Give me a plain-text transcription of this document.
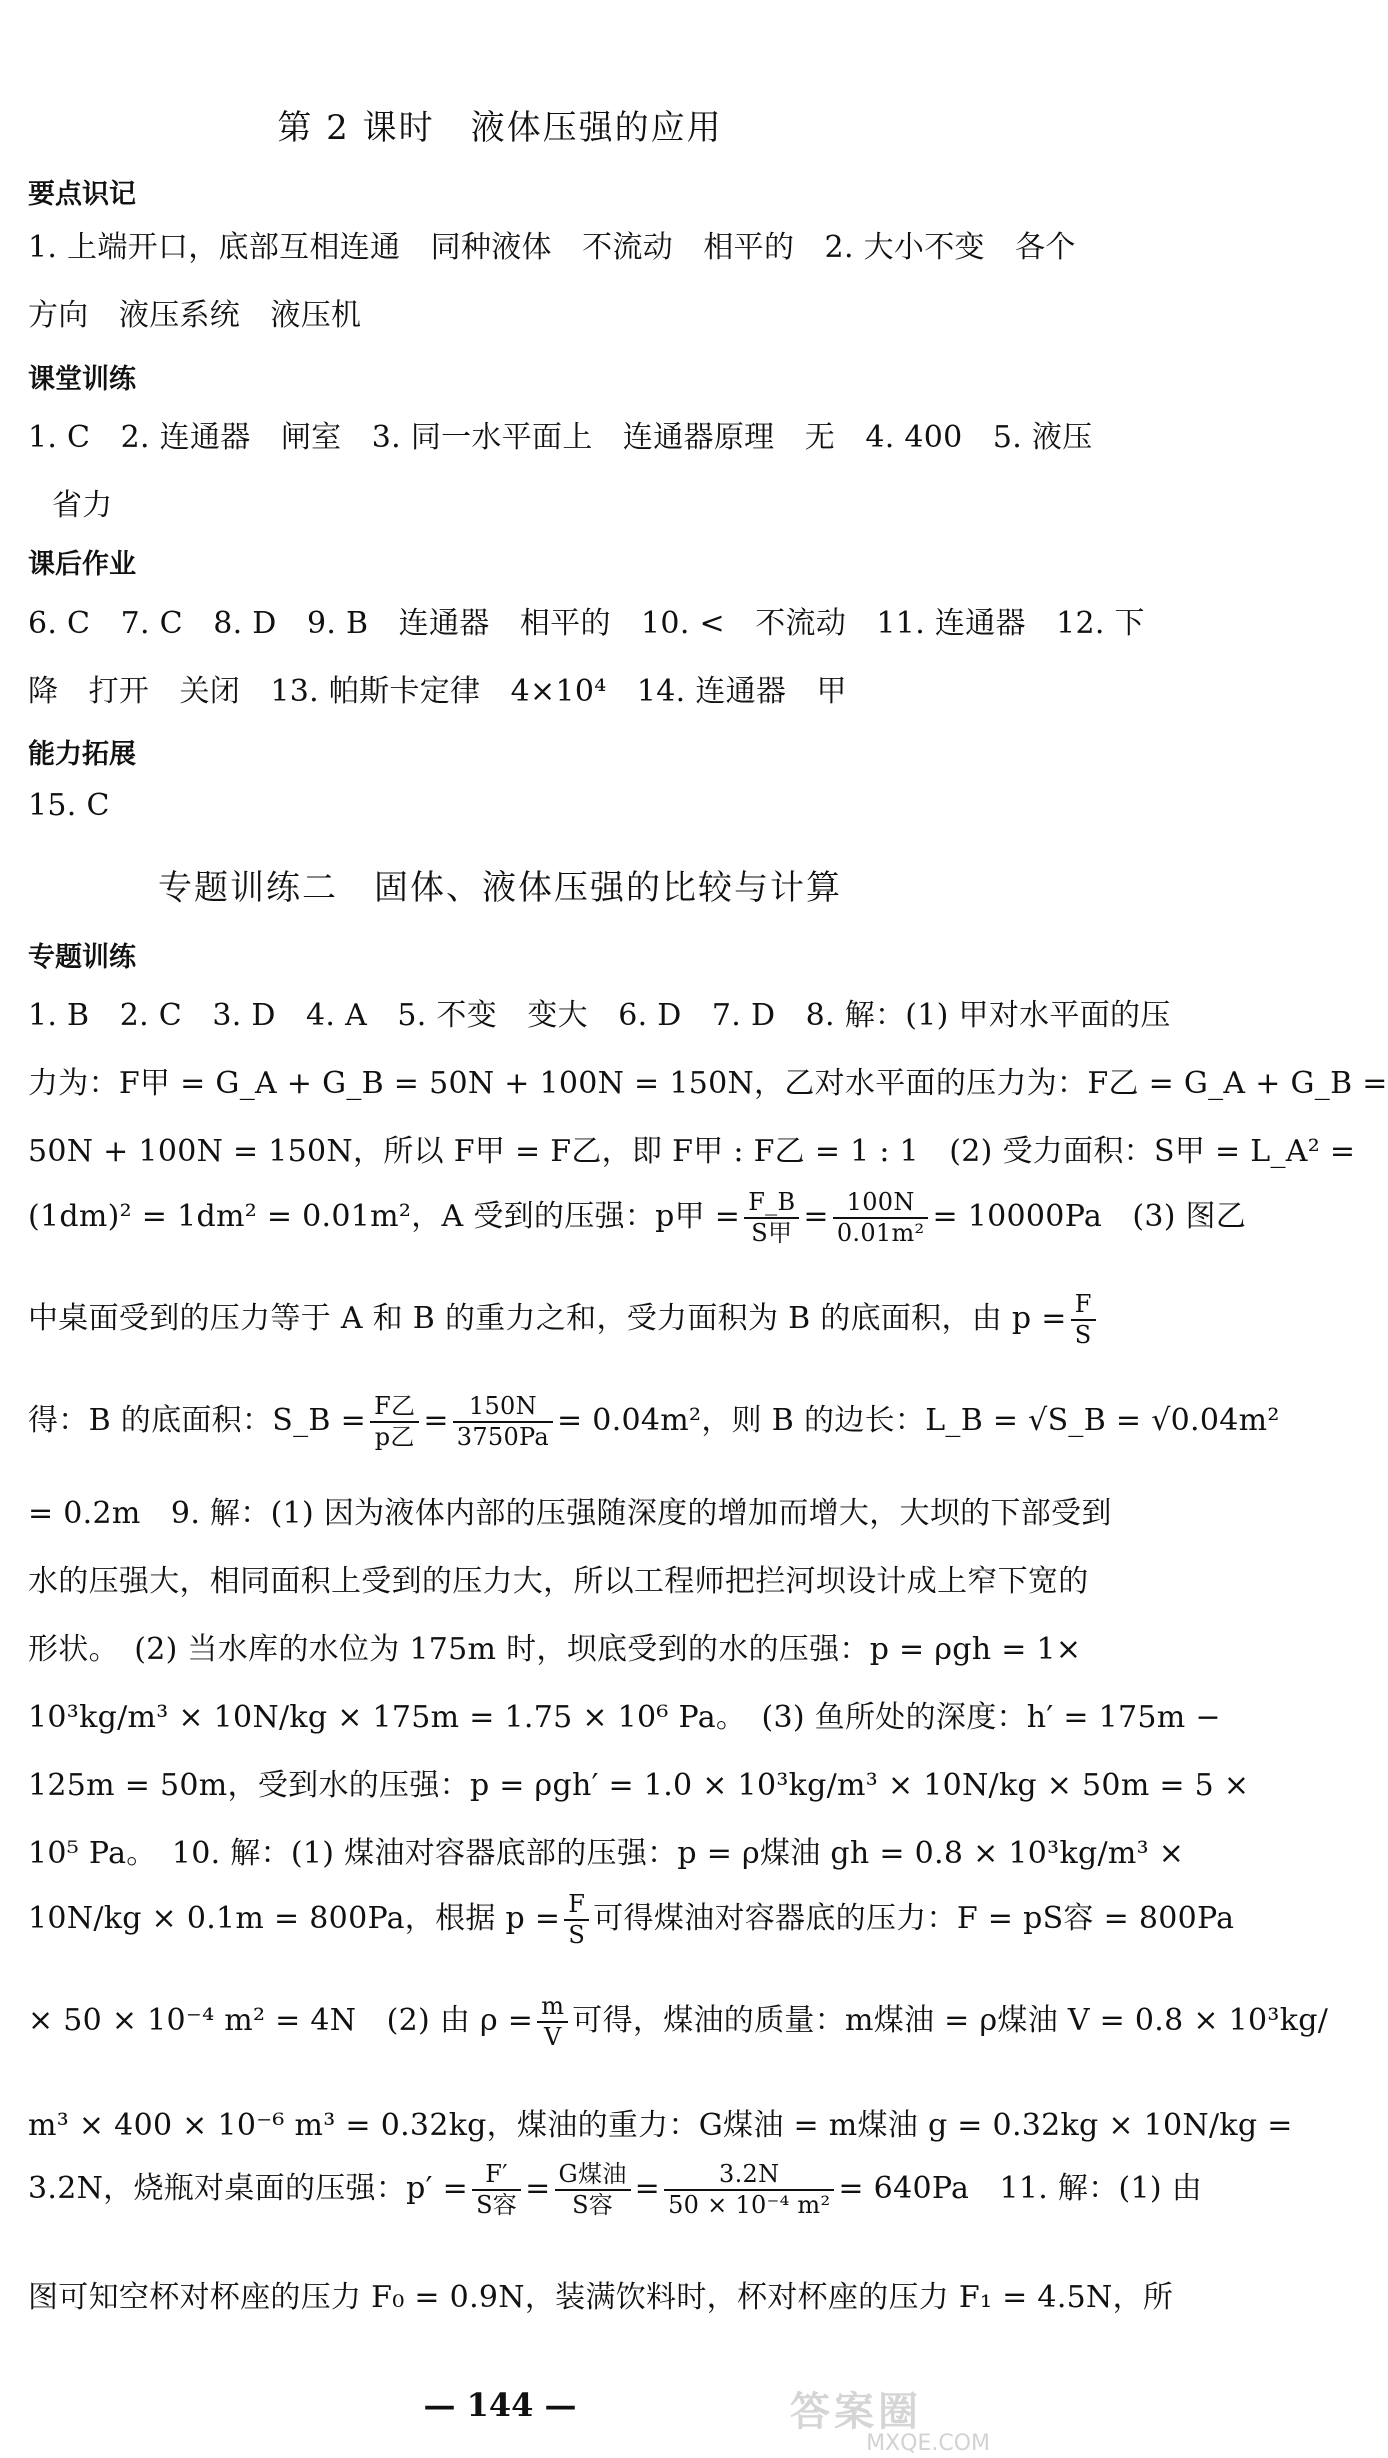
第 2 课时　液体压强的应用
要点识记
1. 上端开口，底部互相连通　同种液体　不流动　相平的　2. 大小不变　各个
方向　液压系统　液压机
课堂训练
1. C　2. 连通器　闸室　3. 同一水平面上　连通器原理　无　4. 400　5. 液压
省力
课后作业
6. C　7. C　8. D　9. B　连通器　相平的　10. <　不流动　11. 连通器　12. 下
降　打开　关闭　13. 帕斯卡定律　4×10⁴　14. 连通器　甲
能力拓展
15. C
专题训练二　固体、液体压强的比较与计算
专题训练
1. B　2. C　3. D　4. A　5. 不变　变大　6. D　7. D　8. 解：(1) 甲对水平面的压
力为：F甲 = G_A + G_B = 50N + 100N = 150N，乙对水平面的压力为：F乙 = G_A + G_B =
50N + 100N = 150N，所以 F甲 = F乙，即 F甲 : F乙 = 1 : 1　(2) 受力面积：S甲 = L_A² =
(1dm)² = 1dm² = 0.01m²，A 受到的压强：p甲 = $\frac{F\_B}{\text{S甲}} = \frac{100N}{\text{0.01m²}} = 10000Pa$　(3) 图乙
中桌面受到的压力等于 A 和 B 的重力之和，受力面积为 B 的底面积，由 $p = \frac{F}{S}$
得：B 的底面积：S_B = $\frac{\text{F乙}}{\text{p乙}} = \frac{150N}{3750Pa} = 0.04m^2$，则 B 的边长：L_B = √S_B = √0.04m²
= 0.2m　9. 解：(1) 因为液体内部的压强随深度的增加而增大，大坝的下部受到
水的压强大，相同面积上受到的压力大，所以工程师把拦河坝设计成上窄下宽的
形状。　(2) 当水库的水位为 175m 时，坝底受到的水的压强：p = ρgh = 1×
10³kg/m³ × 10N/kg × 175m = 1.75 × 10⁶ Pa。　(3) 鱼所处的深度：h′ = 175m −
125m = 50m，受到水的压强：p = ρgh′ = 1.0 × 10³kg/m³ × 10N/kg × 50m = 5 ×
10⁵ Pa。　10. 解：(1) 煤油对容器底部的压强：p = ρ煤油 gh = 0.8 × 10³kg/m³ ×
10N/kg × 0.1m = 800Pa，根据 $p = \frac{F}{S}$ 可得煤油对容器底的压力：F = pS容 = 800Pa
× 50 × 10⁻⁴ m² = 4N　(2) 由 $\rho = \frac{m}{V}$ 可得，煤油的质量：m煤油 = ρ煤油 V = 0.8 × 10³kg/
m³ × 400 × 10⁻⁶ m³ = 0.32kg，煤油的重力：G煤油 = m煤油 g = 0.32kg × 10N/kg =
3.2N，烧瓶对桌面的压强：$p' = \frac{F'}{\text{S容}} = \frac{\text{G煤油}}{\text{S容}} = \frac{3.2N}{\text{50 × 10⁻⁴ m²}} = 640Pa$　11. 解：(1) 由
图可知空杯对杯座的压力 F₀ = 0.9N，装满饮料时，杯对杯座的压力 F₁ = 4.5N，所
— 144 —	答案圈
MXQE.COM
